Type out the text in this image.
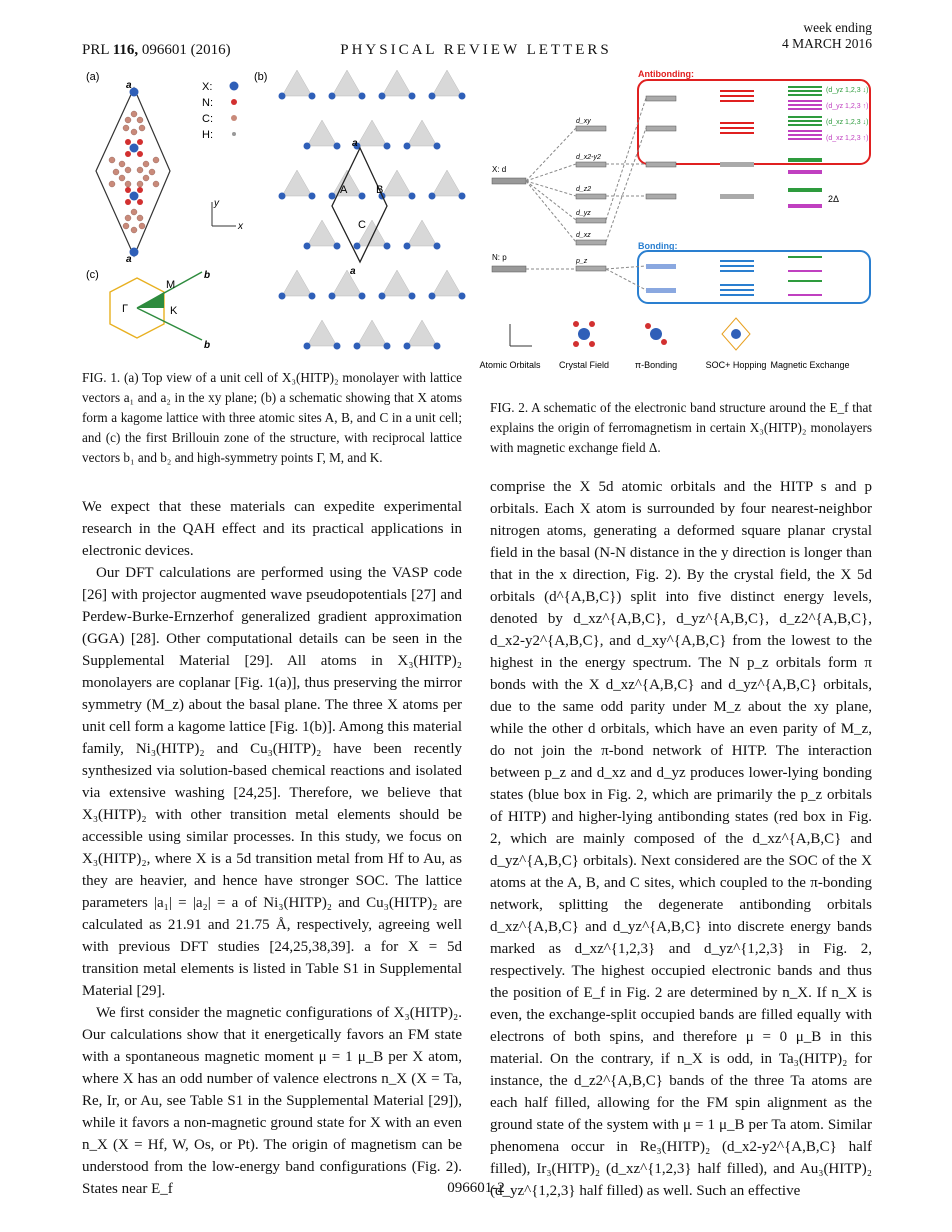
PRL 116, 096601 (2016)	PHYSICAL REVIEW LETTERS
week ending
4 MARCH 2016
(a)
a
a
X:
N:
C:
H:
y
x
(b)
a
a
A	B
C
(c)	b
b
M
Γ	K
FIG. 1. (a) Top view of a unit cell of X₃(HITP)₂ monolayer with lattice vectors a₁ and a₂ in the xy plane; (b) a schematic showing that X atoms form a kagome lattice with three atomic sites A, B, and C in a unit cell; and (c) the first Brillouin zone of the structure, with reciprocal lattice vectors b₁ and b₂ and high-symmetry points Γ, M, and K.

We expect that these materials can expedite experimental research in the QAH effect and its practical applications in electronic devices.

Our DFT calculations are performed using the VASP code [26] with projector augmented wave pseudopotentials [27] and Perdew-Burke-Ernzerhof generalized gradient approximation (GGA) [28]. Other computational details can be seen in the Supplemental Material [29]. All atoms in X₃(HITP)₂ monolayers are coplanar [Fig. 1(a)], thus preserving the mirror symmetry (M_z) about the basal plane. The three X atoms per unit cell form a kagome lattice [Fig. 1(b)]. Among this material family, Ni₃(HITP)₂ and Cu₃(HITP)₂ have been recently synthesized via solution-based chemical reactions and isolated via extensive washing [24,25]. Therefore, we believe that X₃(HITP)₂ with other transition metal elements should be accessible using similar processes. In this study, we focus on X₃(HITP)₂, where X is a 5d transition metal from Hf to Au, as they are heavier, and hence have stronger SOC. The lattice parameters |a₁| = |a₂| = a of Ni₃(HITP)₂ and Cu₃(HITP)₂ are calculated as 21.91 and 21.75 Å, respectively, agreeing well with previous DFT studies [24,25,38,39]. a for X = 5d transition metal elements is listed in Table S1 in Supplemental Material [29].

We first consider the magnetic configurations of X₃(HITP)₂. Our calculations show that it energetically favors an FM state with a spontaneous magnetic moment μ = 1 μ_B per X atom, where X has an odd number of valence electrons n_X (X = Ta, Re, Ir, or Au, see Table S1 in the Supplemental Material [29]), while it favors a non-magnetic ground state for X with an even n_X (X = Hf, W, Os, or Pt). The origin of magnetism can be understood from the low-energy band configurations (Fig. 2). States near E_f

Antibonding:
Bonding:
X: d
N: p
d_xy
d_x2-y2
d_z2
d_yz
d_xz
p_z
(d_yz 1,2,3 ↓)
(d_yz 1,2,3 ↑)
(d_xz 1,2,3 ↓)
(d_xz 1,2,3 ↑)
2Δ
Atomic Orbitals Crystal Field	π-Bonding	SOC+ Hopping Magnetic Exchange
FIG. 2. A schematic of the electronic band structure around the E_f that explains the origin of ferromagnetism in certain X₃(HITP)₂ monolayers with magnetic exchange field Δ.

comprise the X 5d atomic orbitals and the HITP s and p orbitals. Each X atom is surrounded by four nearest-neighbor nitrogen atoms, generating a deformed square planar crystal field in the basal (N-N distance in the y direction is longer than that in the x direction, Fig. 2). By the crystal field, the X 5d orbitals (d^{A,B,C}) split into five distinct energy levels, denoted by d_xz^{A,B,C}, d_yz^{A,B,C}, d_z2^{A,B,C}, d_x2-y2^{A,B,C}, and d_xy^{A,B,C} from the lowest to the highest in the energy spectrum. The N p_z orbitals form π bonds with the X d_xz^{A,B,C} and d_yz^{A,B,C} orbitals, due to the same odd parity under M_z about the xy plane, while the other d orbitals, which have an even parity of M_z, do not join the π-bond network of HITP. The interaction between p_z and d_xz and d_yz produces lower-lying bonding states (blue box in Fig. 2, which are primarily the p_z orbitals of HITP) and higher-lying antibonding states (red box in Fig. 2, which are mainly composed of the d_xz^{A,B,C} and d_yz^{A,B,C} orbitals). Next considered are the SOC of the X atoms at the A, B, and C sites, which coupled to the π-bonding network, splitting the degenerate antibonding orbitals d_xz^{A,B,C} and d_yz^{A,B,C} into discrete energy bands marked as d_xz^{1,2,3} and d_yz^{1,2,3} in Fig. 2, respectively. The highest occupied electronic bands and thus the position of E_f in Fig. 2 are determined by n_X. If n_X is even, the exchange-split occupied bands are filled equally with electrons of both spins, and therefore μ = 0 μ_B in this material. On the contrary, if n_X is odd, in Ta₃(HITP)₂ for instance, the d_z2^{A,B,C} bands of the three Ta atoms are each half filled, allowing for the FM spin alignment as the ground state of the system with μ = 1 μ_B per Ta atom. Similar phenomena occur in Re₃(HITP)₂ (d_x2-y2^{A,B,C} half filled), Ir₃(HITP)₂ (d_xz^{1,2,3} half filled), and Au₃(HITP)₂ (d_yz^{1,2,3} half filled) as well. Such an effective

096601-2
